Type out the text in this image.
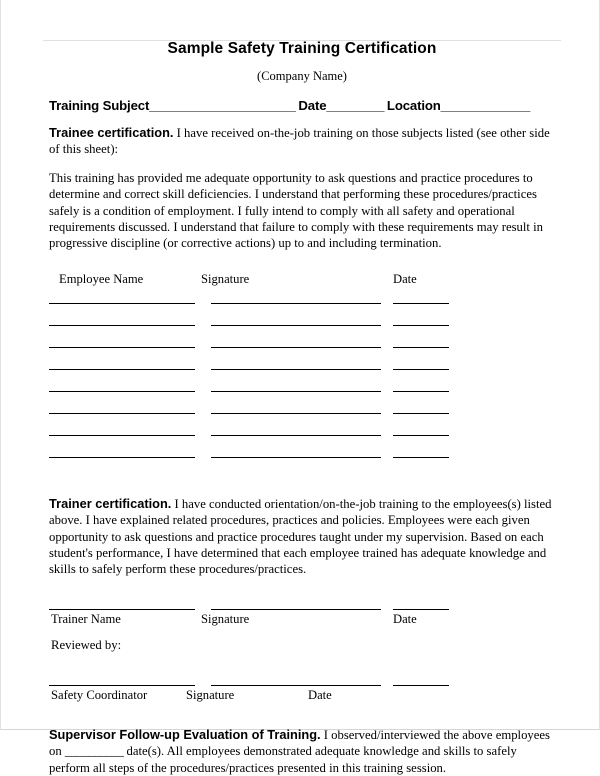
Sample Safety Training Certification
(Company Name)
Training Subject_______________________ Date_________ Location______________

Trainee certification. I have received on-the-job training on those subjects listed (see other side of this sheet):

This training has provided me adequate opportunity to ask questions and practice procedures to determine and correct skill deficiencies. I understand that performing these procedures/practices safely is a condition of employment. I fully intend to comply with all safety and operational requirements discussed. I understand that failure to comply with these requirements may result in progressive discipline (or corrective actions) up to and including termination.

Employee Name	Signature	Date

Trainer certification. I have conducted orientation/on-the-job training to the employees(s) listed above. I have explained related procedures, practices and policies. Employees were each given opportunity to ask questions and practice procedures taught under my supervision. Based on each student's performance, I have determined that each employee trained has adequate knowledge and skills to safely perform these procedures/practices.

Trainer Name	Signature	Date
Reviewed by:
Safety Coordinator	Signature	Date

Supervisor Follow-up Evaluation of Training. I observed/interviewed the above employees on __________ date(s). All employees demonstrated adequate knowledge and skills to safely perform all steps of the procedures/practices presented in this training session.
